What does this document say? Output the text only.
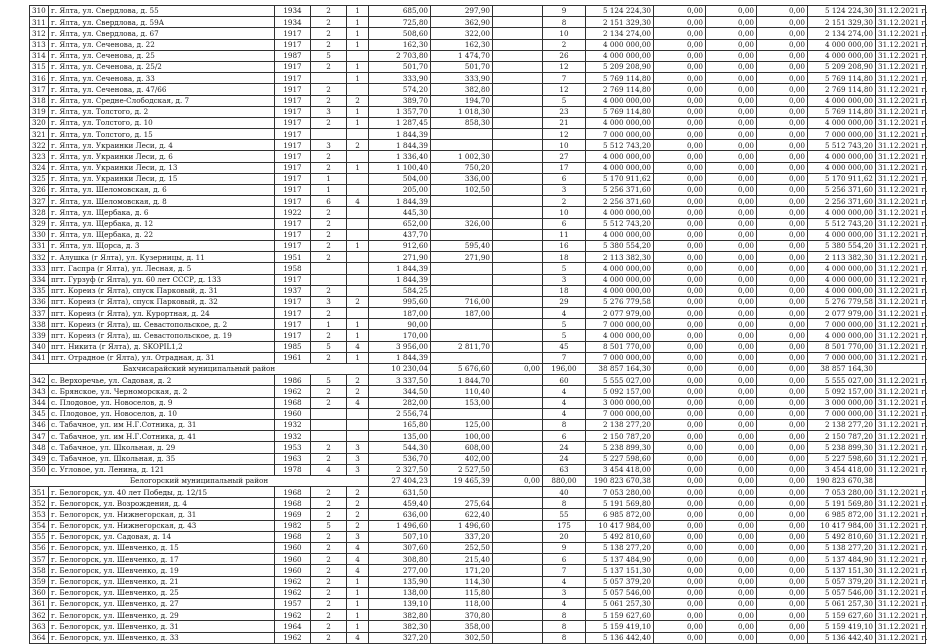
310	г. Ялта, ул. Свердлова, д. 55	1934	2	1	685,00	297,90		9	5 124 224,30	0,00	0,00	0,00	5 124 224,30	31.12.2021 г.
311	г. Ялта, ул. Свердлова, д. 59А	1934	2	1	725,80	362,90		8	2 151 329,30	0,00	0,00	0,00	2 151 329,30	31.12.2021 г.
312	г. Ялта, ул. Свердлова, д. 67	1917	2	1	508,60	322,00		10	2 134 274,00	0,00	0,00	0,00	2 134 274,00	31.12.2021 г.
313	г. Ялта, ул. Сеченова, д. 22	1917	2	1	162,30	162,30		2	4 000 000,00	0,00	0,00	0,00	4 000 000,00	31.12.2021 г.
314	г. Ялта, ул. Сеченова, д. 25	1987	5		2 703,80	1 474,70		26	4 000 000,00	0,00	0,00	0,00	4 000 000,00	31.12.2021 г.
315	г. Ялта, ул. Сеченова, д. 25/2	1917	2	1	501,70	501,70		12	5 209 208,90	0,00	0,00	0,00	5 209 208,90	31.12.2021 г.
316	г. Ялта, ул. Сеченова, д. 33	1917		1	333,90	333,90		7	5 769 114,80	0,00	0,00	0,00	5 769 114,80	31.12.2021 г.
317	г. Ялта, ул. Сеченова, д. 47/66	1917	2		574,20	382,80		12	2 769 114,80	0,00	0,00	0,00	2 769 114,80	31.12.2021 г.
318	г. Ялта, ул. Средне-Слободская, д. 7	1917	2	2	389,70	194,70		5	4 000 000,00	0,00	0,00	0,00	4 000 000,00	31.12.2021 г.
319	г. Ялта, ул. Толстого, д. 2	1917	3	1	1 357,70	1 018,30		23	5 769 114,80	0,00	0,00	0,00	5 769 114,80	31.12.2021 г.
320	г. Ялта, ул. Толстого, д. 10	1917	2	1	1 287,45	858,30		21	4 000 000,00	0,00	0,00	0,00	4 000 000,00	31.12.2021 г.
321	г. Ялта, ул. Толстого, д. 15	1917			1 844,39			12	7 000 000,00	0,00	0,00	0,00	7 000 000,00	31.12.2021 г.
322	г. Ялта, ул. Украинки Леси, д. 4	1917	3	2	1 844,39			10	5 512 743,20	0,00	0,00	0,00	5 512 743,20	31.12.2021 г.
323	г. Ялта, ул. Украинки Леси, д. 6	1917	2		1 336,40	1 002,30		27	4 000 000,00	0,00	0,00	0,00	4 000 000,00	31.12.2021 г.
324	г. Ялта, ул. Украинки Леси, д. 13	1917	2	1	1 100,40	750,20		17	4 000 000,00	0,00	0,00	0,00	4 000 000,00	31.12.2021 г.
325	г. Ялта, ул. Украинки Леси, д. 15	1917	1		504,00	336,00		6	5 170 911,62	0,00	0,00	0,00	5 170 911,62	31.12.2021 г.
326	г. Ялта, ул. Шеломовская, д. 6	1917	1		205,00	102,50		3	5 256 371,60	0,00	0,00	0,00	5 256 371,60	31.12.2021 г.
327	г. Ялта, ул. Шеломовская, д. 8	1917	6	4	1 844,39			2	2 256 371,60	0,00	0,00	0,00	2 256 371,60	31.12.2021 г.
328	г. Ялта, ул. Щербака, д. 6	1922	2		445,30			10	4 000 000,00	0,00	0,00	0,00	4 000 000,00	31.12.2021 г.
329	г. Ялта, ул. Щербака, д. 12	1917	2		652,00	326,00		6	5 512 743,20	0,00	0,00	0,00	5 512 743,20	31.12.2021 г.
330	г. Ялта, ул. Щербака, д. 22	1917	2		437,70			11	4 000 000,00	0,00	0,00	0,00	4 000 000,00	31.12.2021 г.
331	г. Ялта, ул. Щорса, д. 3	1917	2	1	912,60	595,40		16	5 380 554,20	0,00	0,00	0,00	5 380 554,20	31.12.2021 г.
332	г. Алушка (г Ялта), ул. Кузерницы, д. 11	1951	2		271,90	271,90		18	2 113 382,30	0,00	0,00	0,00	2 113 382,30	31.12.2021 г.
333	пгт. Гаспра (г Ялта), ул. Лесная, д. 5	1958			1 844,39			5	4 000 000,00	0,00	0,00	0,00	4 000 000,00	31.12.2021 г.
334	пгт. Гурзуф (г Ялта), ул. 60 лет СССР, д. 133	1917			1 844,39			3	4 000 000,00	0,00	0,00	0,00	4 000 000,00	31.12.2021 г.
335	пгт. Кореиз (г Ялта), спуск Парковый, д. 31	1937	2		584,25			18	4 000 000,00	0,00	0,00	0,00	4 000 000,00	31.12.2021 г.
336	пгт. Кореиз (г Ялта), спуск Парковый, д. 32	1917	3	2	995,60	716,00		29	5 276 779,58	0,00	0,00	0,00	5 276 779,58	31.12.2021 г.
337	пгт. Кореиз (г Ялта), ул. Курортная, д. 24	1917	2		187,00	187,00		4	2 077 979,00	0,00	0,00	0,00	2 077 979,00	31.12.2021 г.
338	пгт. Кореиз (г Ялта), ш. Севастопольское, д. 2	1917	1	1	90,00			5	7 000 000,00	0,00	0,00	0,00	7 000 000,00	31.12.2021 г.
339	пгт. Кореиз (г Ялта), ш. Севастопольское, д. 19	1917	2	1	170,00			5	4 000 000,00	0,00	0,00	0,00	4 000 000,00	31.12.2021 г.
340	пгт. Никита (г Ялта), д. SKOPIL1,2	1985	5	4	3 956,00	2 811,70		45	8 501 770,00	0,00	0,00	0,00	8 501 770,00	31.12.2021 г.
341	пгт. Отрадное (г Ялта), ул. Отрадная, д. 31	1961	2	1	1 844,39			7	7 000 000,00	0,00	0,00	0,00	7 000 000,00	31.12.2021 г.
Бахчисарайский муниципальный район					10 230,04	5 676,60	0,00	196,00	38 857 164,30	0,00	0,00	0,00	38 857 164,30	
342	с. Верхоречье, ул. Садовая, д. 2	1986	5	2	3 337,50	1 844,70		60	5 555 027,00	0,00	0,00	0,00	5 555 027,00	31.12.2021 г.
343	с. Брянское, ул. Черноморская, д. 2	1962	2	2	344,50	110,40		4	5 092 157,00	0,00	0,00	0,00	5 092 157,00	31.12.2021 г.
344	с. Плодовое, ул. Новоселов, д. 9	1968	2	4	282,00	153,00		4	3 000 000,00	0,00	0,00	0,00	3 000 000,00	31.12.2021 г.
345	с. Плодовое, ул. Новоселов, д. 10	1960			2 556,74			4	7 000 000,00	0,00	0,00	0,00	7 000 000,00	31.12.2021 г.
346	с. Табачное, ул. им Н.Г.Сотника, д. 31	1932			165,80	125,00		8	2 138 277,20	0,00	0,00	0,00	2 138 277,20	31.12.2021 г.
347	с. Табачное, ул. им Н.Г.Сотника, д. 41	1932			135,00	100,00		6	2 150 787,20	0,00	0,00	0,00	2 150 787,20	31.12.2021 г.
348	с. Табачное, ул. Школьная, д. 29	1953	2	3	544,30	608,00		24	5 238 899,30	0,00	0,00	0,00	5 238 899,30	31.12.2021 г.
349	с. Табачное, ул. Школьная, д. 35	1963	2	3	536,70	402,00		24	5 227 598,60	0,00	0,00	0,00	5 227 598,60	31.12.2021 г.
350	с. Угловое, ул. Ленина, д. 121	1978	4	3	2 327,50	2 527,50		63	3 454 418,00	0,00	0,00	0,00	3 454 418,00	31.12.2021 г.
Белогорский муниципальный район					27 404,23	19 465,39	0,00	880,00	190 823 670,38	0,00	0,00	0,00	190 823 670,38	
351	г. Белогорск, ул. 40 лет Победы, д. 12/15	1968	2	2	631,50			40	7 053 280,00	0,00	0,00	0,00	7 053 280,00	31.12.2021 г.
352	г. Белогорск, ул. Возрождения, д. 4	1968	2	2	459,40	275,64		8	5 191 569,80	0,00	0,00	0,00	5 191 569,80	31.12.2021 г.
353	г. Белогорск, ул. Нижнегорская, д. 31	1969	2	2	636,00	622,40		55	6 985 872,00	0,00	0,00	0,00	6 985 872,00	31.12.2021 г.
354	г. Белогорск, ул. Нижнегорская, д. 43	1982	5	2	1 496,60	1 496,60		175	10 417 984,00	0,00	0,00	0,00	10 417 984,00	31.12.2021 г.
355	г. Белогорск, ул. Садовая, д. 14	1968	2	3	507,10	337,20		20	5 492 810,60	0,00	0,00	0,00	5 492 810,60	31.12.2021 г.
356	г. Белогорск, ул. Шевченко, д. 15	1960	2	4	307,60	252,50		9	5 138 277,20	0,00	0,00	0,00	5 138 277,20	31.12.2021 г.
357	г. Белогорск, ул. Шевченко, д. 17	1960	2	4	308,80	215,40		6	5 137 484,90	0,00	0,00	0,00	5 137 484,90	31.12.2021 г.
358	г. Белогорск, ул. Шевченко, д. 19	1960	2	4	277,00	171,20		7	5 137 151,30	0,00	0,00	0,00	5 137 151,30	31.12.2021 г.
359	г. Белогорск, ул. Шевченко, д. 21	1962	2	1	135,90	114,30		4	5 057 379,20	0,00	0,00	0,00	5 057 379,20	31.12.2021 г.
360	г. Белогорск, ул. Шевченко, д. 25	1962	2	1	138,00	115,80		3	5 057 546,00	0,00	0,00	0,00	5 057 546,00	31.12.2021 г.
361	г. Белогорск, ул. Шевченко, д. 27	1957	2	1	139,10	118,00		4	5 061 257,30	0,00	0,00	0,00	5 061 257,30	31.12.2021 г.
362	г. Белогорск, ул. Шевченко, д. 29	1962	2	1	382,80	370,80		8	5 159 627,60	0,00	0,00	0,00	5 159 627,60	31.12.2021 г.
363	г. Белогорск, ул. Шевченко, д. 31	1964	2	1	382,30	358,00		8	5 159 419,10	0,00	0,00	0,00	5 159 419,10	31.12.2021 г.
364	г. Белогорск, ул. Шевченко, д. 33	1962	2	4	327,20	302,50		8	5 136 442,40	0,00	0,00	0,00	5 136 442,40	31.12.2021 г.
